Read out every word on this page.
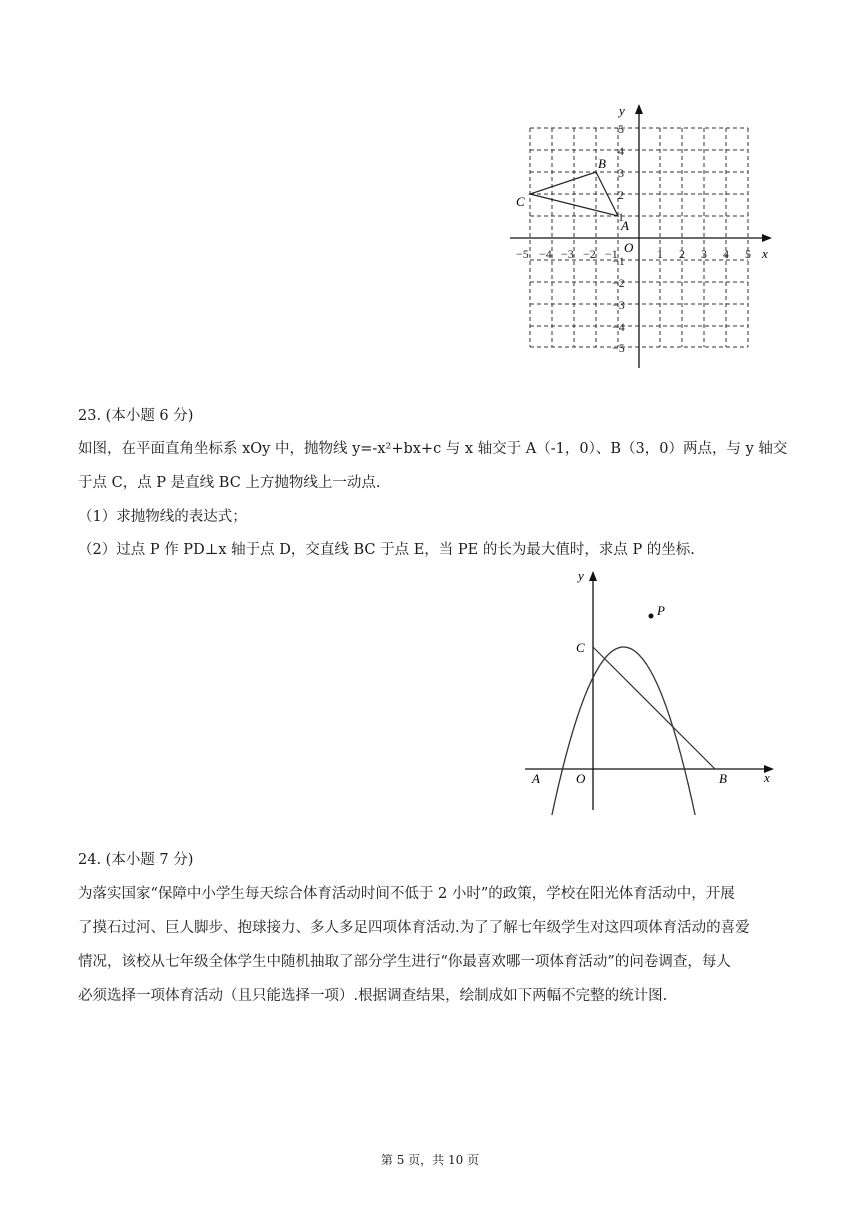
y
x
O
A
B
C
−5 −4 −3 −2 −1	1 2 3 4 5
5
4
3
2
1
−1
−2
−3
−4
−5
23. (本小题 6 分)
如图，在平面直角坐标系 xOy 中，抛物线 y=-x²+bx+c 与 x 轴交于 A（-1，0）、B（3，0）两点，与 y 轴交
于点 C，点 P 是直线 BC 上方抛物线上一动点.
（1）求抛物线的表达式；
（2）过点 P 作 PD⊥x 轴于点 D，交直线 BC 于点 E，当 PE 的长为最大值时，求点 P 的坐标.
y
x
O
A	B
C
P
24. (本小题 7 分)
为落实国家“保障中小学生每天综合体育活动时间不低于 2 小时”的政策，学校在阳光体育活动中，开展
了摸石过河、巨人脚步、抱球接力、多人多足四项体育活动.为了了解七年级学生对这四项体育活动的喜爱
情况，该校从七年级全体学生中随机抽取了部分学生进行“你最喜欢哪一项体育活动”的问卷调查，每人
必须选择一项体育活动（且只能选择一项）.根据调查结果，绘制成如下两幅不完整的统计图.
第 5 页，共 10 页
